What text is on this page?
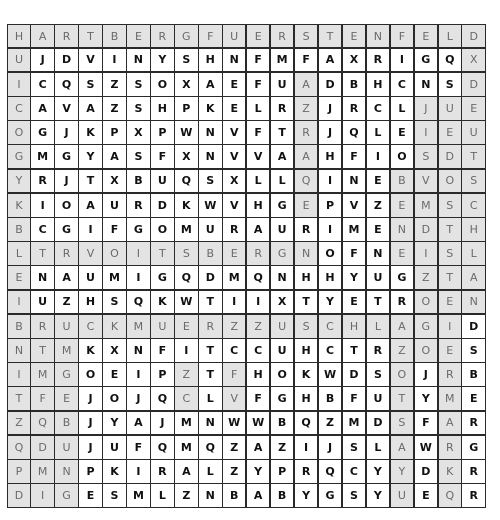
H	A	R	T	B	E	R	G	F	U	E	R	S	T	E	N	F	E	L	D
U	J	D	V	I	N	Y	S	H	N	F	M	F	A	X	R	I	G	Q	X
I	C	Q	S	Z	S	O	X	A	E	F	U	A	D	B	H	C	N	S	D
C	A	V	A	Z	S	H	P	K	E	L	R	Z	J	R	C	L	J	U	E
O	G	J	K	P	X	P	W	N	V	F	T	R	J	Q	L	E	I	E	U
G	M	G	Y	A	S	F	X	N	V	V	A	A	H	F	I	O	S	D	T
Y	R	J	T	X	B	U	Q	S	X	L	L	Q	I	N	E	B	V	O	S
K	I	O	A	U	R	D	K	W	V	H	G	E	P	V	Z	E	M	S	C
B	C	G	I	F	G	O	M	U	R	A	U	R	I	M	E	N	D	T	H
L	T	R	V	O	I	T	S	B	E	R	G	N	O	F	N	E	I	S	L
E	N	A	U	M	I	G	Q	D	M	Q	N	H	H	Y	U	G	Z	T	A
I	U	Z	H	S	Q	K	W	T	I	I	X	T	Y	E	T	R	O	E	N
B	R	U	C	K	M	U	E	R	Z	Z	U	S	C	H	L	A	G	I	D
N	T	M	K	X	N	F	I	T	C	C	U	H	C	T	R	Z	O	E	S
I	M	G	O	E	I	P	Z	T	F	H	O	K	W	D	S	O	J	R	B
T	F	E	J	O	J	Q	C	L	V	F	G	H	B	F	U	T	Y	M	E
Z	Q	B	J	Y	A	J	M	N	W	W	B	Q	Z	M	D	S	F	A	R
Q	D	U	J	U	F	Q	M	Q	Z	A	Z	I	J	S	L	A	W	R	G
P	M	N	P	K	I	R	A	L	Z	Y	P	R	Q	C	Y	Y	D	K	R
D	I	G	E	S	M	L	Z	N	B	A	B	Y	G	S	Y	U	E	Q	R
